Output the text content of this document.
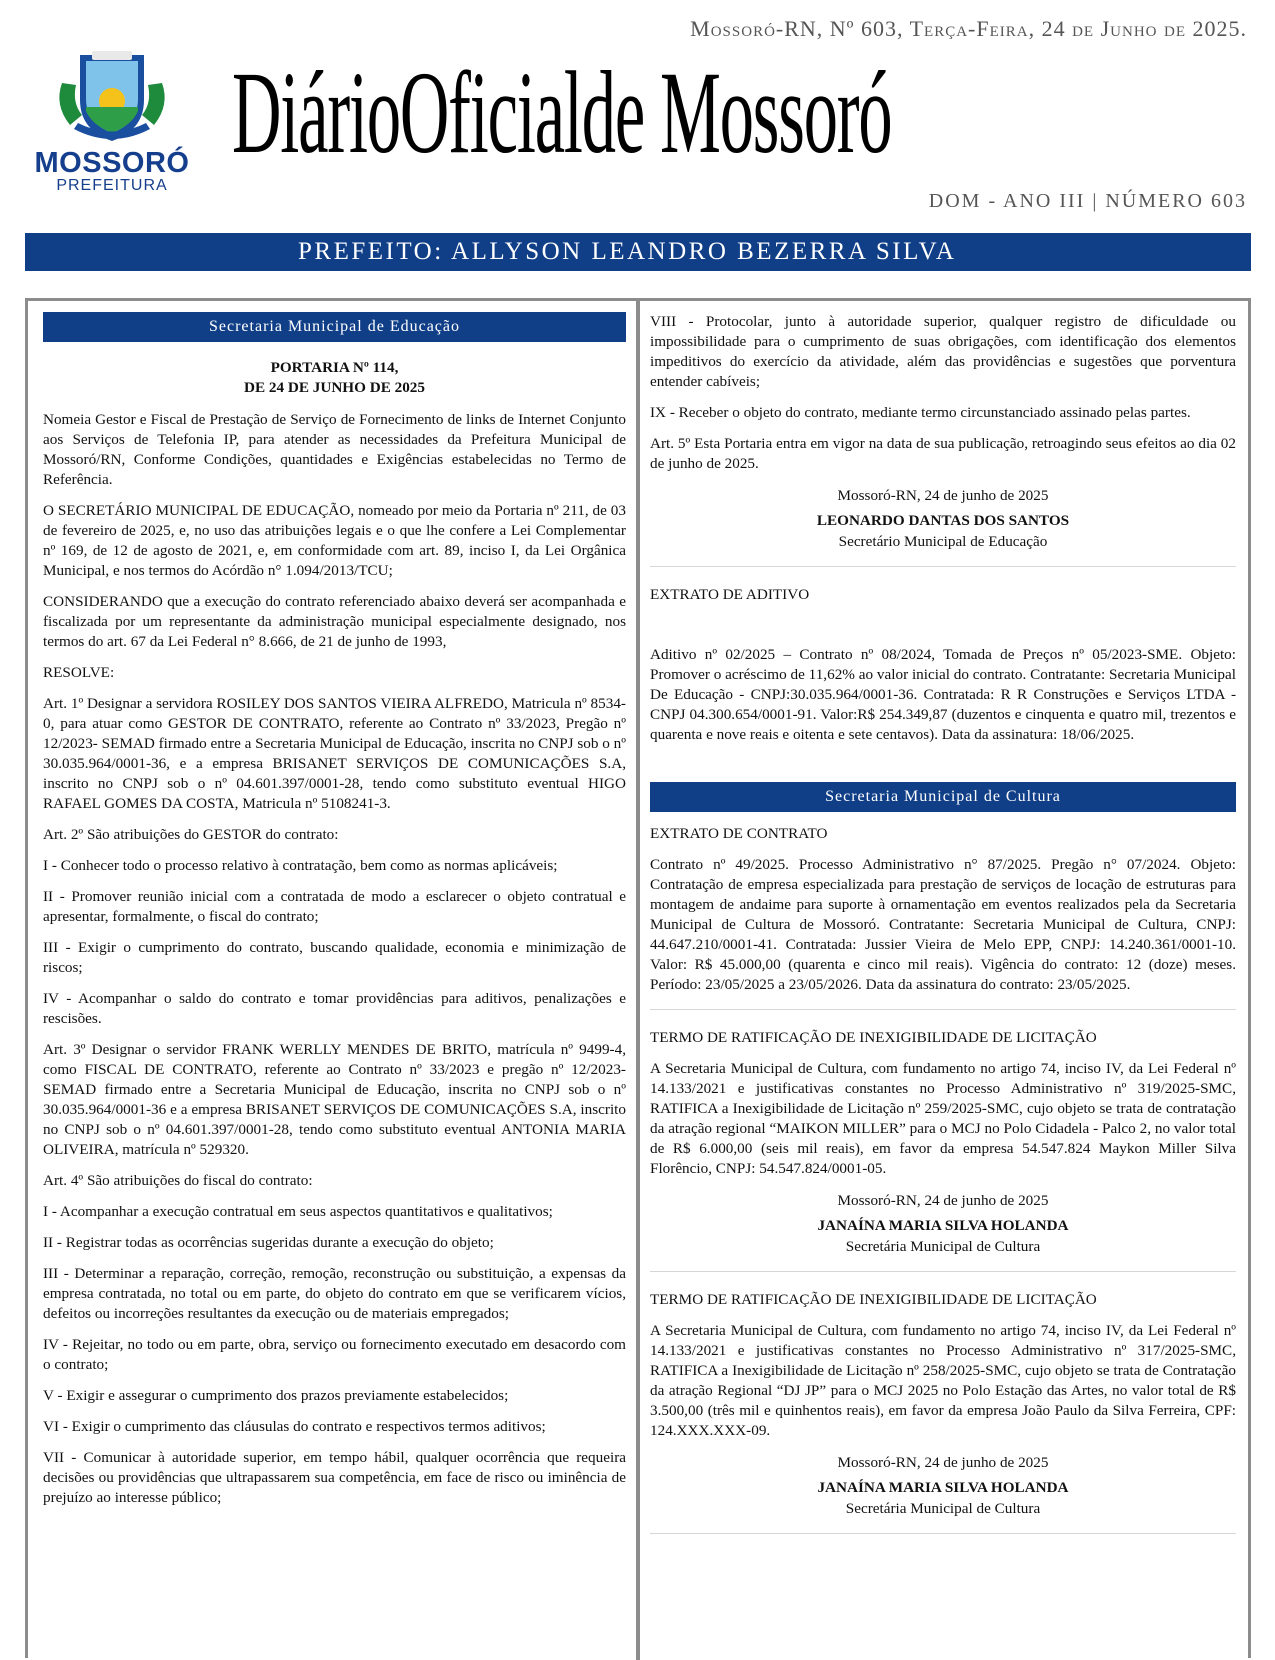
Mossoró-RN, Nº 603, Terça-Feira, 24 de Junho de 2025.
MOSSORÓ
PREFEITURA
DiárioOficialde Mossoró
DOM - ANO III | NÚMERO 603
PREFEITO: ALLYSON LEANDRO BEZERRA SILVA
Secretaria Municipal de Educação
PORTARIA Nº 114,
DE 24 DE JUNHO DE 2025

Nomeia Gestor e Fiscal de Prestação de Serviço de Fornecimento de links de Internet Conjunto aos Serviços de Telefonia IP, para atender as necessidades da Prefeitura Municipal de Mossoró/RN, Conforme Condições, quantidades e Exigências estabelecidas no Termo de Referência.

O SECRETÁRIO MUNICIPAL DE EDUCAÇÃO, nomeado por meio da Portaria nº 211, de 03 de fevereiro de 2025, e, no uso das atribuições legais e o que lhe confere a Lei Complementar nº 169, de 12 de agosto de 2021, e, em conformidade com art. 89, inciso I, da Lei Orgânica Municipal, e nos termos do Acórdão n° 1.094/2013/TCU;

CONSIDERANDO que a execução do contrato referenciado abaixo deverá ser acompanhada e fiscalizada por um representante da administração municipal especialmente designado, nos termos do art. 67 da Lei Federal n° 8.666, de 21 de junho de 1993,

RESOLVE:

Art. 1º Designar a servidora ROSILEY DOS SANTOS VIEIRA ALFREDO, Matricula nº 8534-0, para atuar como GESTOR DE CONTRATO, referente ao Contrato nº 33/2023, Pregão nº 12/2023- SEMAD firmado entre a Secretaria Municipal de Educação, inscrita no CNPJ sob o nº 30.035.964/0001-36, e a empresa BRISANET SERVIÇOS DE COMUNICAÇÕES S.A, inscrito no CNPJ sob o nº 04.601.397/0001-28, tendo como substituto eventual HIGO RAFAEL GOMES DA COSTA, Matricula nº 5108241-3.

Art. 2º São atribuições do GESTOR do contrato:

I - Conhecer todo o processo relativo à contratação, bem como as normas aplicáveis;

II - Promover reunião inicial com a contratada de modo a esclarecer o objeto contratual e apresentar, formalmente, o fiscal do contrato;

III - Exigir o cumprimento do contrato, buscando qualidade, economia e minimização de riscos;

IV - Acompanhar o saldo do contrato e tomar providências para aditivos, penalizações e rescisões.

Art. 3º Designar o servidor FRANK WERLLY MENDES DE BRITO, matrícula nº 9499-4, como FISCAL DE CONTRATO, referente ao Contrato nº 33/2023 e pregão nº 12/2023- SEMAD firmado entre a Secretaria Municipal de Educação, inscrita no CNPJ sob o nº 30.035.964/0001-36 e a empresa BRISANET SERVIÇOS DE COMUNICAÇÕES S.A, inscrito no CNPJ sob o nº 04.601.397/0001-28, tendo como substituto eventual ANTONIA MARIA OLIVEIRA, matrícula nº 529320.

Art. 4º São atribuições do fiscal do contrato:

I - Acompanhar a execução contratual em seus aspectos quantitativos e qualitativos;

II - Registrar todas as ocorrências sugeridas durante a execução do objeto;

III - Determinar a reparação, correção, remoção, reconstrução ou substituição, a expensas da empresa contratada, no total ou em parte, do objeto do contrato em que se verificarem vícios, defeitos ou incorreções resultantes da execução ou de materiais empregados;

IV - Rejeitar, no todo ou em parte, obra, serviço ou fornecimento executado em desacordo com o contrato;

V - Exigir e assegurar o cumprimento dos prazos previamente estabelecidos;

VI - Exigir o cumprimento das cláusulas do contrato e respectivos termos aditivos;

VII - Comunicar à autoridade superior, em tempo hábil, qualquer ocorrência que requeira decisões ou providências que ultrapassarem sua competência, em face de risco ou iminência de prejuízo ao interesse público;

VIII - Protocolar, junto à autoridade superior, qualquer registro de dificuldade ou impossibilidade para o cumprimento de suas obrigações, com identificação dos elementos impeditivos do exercício da atividade, além das providências e sugestões que porventura entender cabíveis;

IX - Receber o objeto do contrato, mediante termo circunstanciado assinado pelas partes.

Art. 5º Esta Portaria entra em vigor na data de sua publicação, retroagindo seus efeitos ao dia 02 de junho de 2025.

Mossoró-RN, 24 de junho de 2025
LEONARDO DANTAS DOS SANTOS
Secretário Municipal de Educação

EXTRATO DE ADITIVO

Aditivo nº 02/2025 – Contrato nº 08/2024, Tomada de Preços nº 05/2023-SME. Objeto: Promover o acréscimo de 11,62% ao valor inicial do contrato. Contratante: Secretaria Municipal De Educação - CNPJ:30.035.964/0001-36. Contratada: R R Construções e Serviços LTDA - CNPJ 04.300.654/0001-91. Valor:R$ 254.349,87 (duzentos e cinquenta e quatro mil, trezentos e quarenta e nove reais e oitenta e sete centavos). Data da assinatura: 18/06/2025.

Secretaria Municipal de Cultura

EXTRATO DE CONTRATO

Contrato nº 49/2025. Processo Administrativo n° 87/2025. Pregão n° 07/2024. Objeto: Contratação de empresa especializada para prestação de serviços de locação de estruturas para montagem de andaime para suporte à ornamentação em eventos realizados pela da Secretaria Municipal de Cultura de Mossoró. Contratante: Secretaria Municipal de Cultura, CNPJ: 44.647.210/0001-41. Contratada: Jussier Vieira de Melo EPP, CNPJ: 14.240.361/0001-10. Valor: R$ 45.000,00 (quarenta e cinco mil reais). Vigência do contrato: 12 (doze) meses. Período: 23/05/2025 a 23/05/2026. Data da assinatura do contrato: 23/05/2025.

TERMO DE RATIFICAÇÃO DE INEXIGIBILIDADE DE LICITAÇÃO

A Secretaria Municipal de Cultura, com fundamento no artigo 74, inciso IV, da Lei Federal nº 14.133/2021 e justificativas constantes no Processo Administrativo nº 319/2025-SMC, RATIFICA a Inexigibilidade de Licitação nº 259/2025-SMC, cujo objeto se trata de contratação da atração regional “MAIKON MILLER” para o MCJ no Polo Cidadela - Palco 2, no valor total de R$ 6.000,00 (seis mil reais), em favor da empresa 54.547.824 Maykon Miller Silva Florêncio, CNPJ: 54.547.824/0001-05.

Mossoró-RN, 24 de junho de 2025
JANAÍNA MARIA SILVA HOLANDA
Secretária Municipal de Cultura

TERMO DE RATIFICAÇÃO DE INEXIGIBILIDADE DE LICITAÇÃO

A Secretaria Municipal de Cultura, com fundamento no artigo 74, inciso IV, da Lei Federal nº 14.133/2021 e justificativas constantes no Processo Administrativo nº 317/2025-SMC, RATIFICA a Inexigibilidade de Licitação nº 258/2025-SMC, cujo objeto se trata de Contratação da atração Regional “DJ JP” para o MCJ 2025 no Polo Estação das Artes, no valor total de R$ 3.500,00 (três mil e quinhentos reais), em favor da empresa João Paulo da Silva Ferreira, CPF: 124.XXX.XXX-09.

Mossoró-RN, 24 de junho de 2025
JANAÍNA MARIA SILVA HOLANDA
Secretária Municipal de Cultura
